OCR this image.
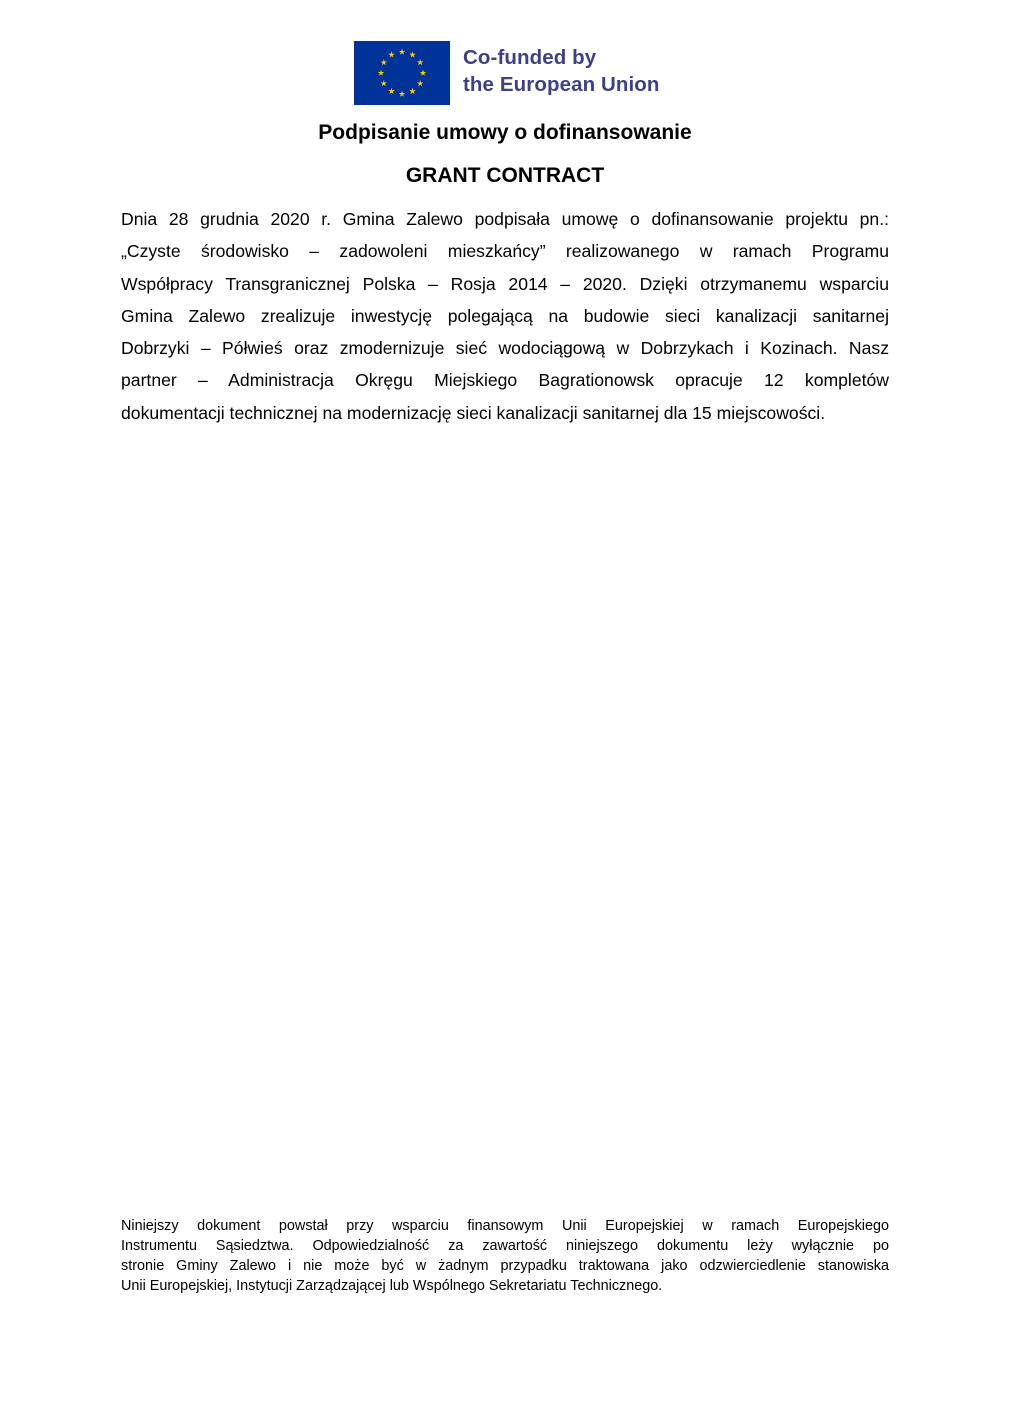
Co-funded by
the European Union
Podpisanie umowy o dofinansowanie
GRANT CONTRACT
Dnia 28 grudnia 2020 r. Gmina Zalewo podpisała umowę o dofinansowanie projektu pn.:
„Czyste środowisko – zadowoleni mieszkańcy” realizowanego w ramach Programu
Współpracy Transgranicznej Polska – Rosja 2014 – 2020. Dzięki otrzymanemu wsparciu
Gmina Zalewo zrealizuje inwestycję polegającą na budowie sieci kanalizacji sanitarnej
Dobrzyki – Półwieś oraz zmodernizuje sieć wodociągową w Dobrzykach i Kozinach. Nasz
partner – Administracja Okręgu Miejskiego Bagrationowsk opracuje 12 kompletów
dokumentacji technicznej na modernizację sieci kanalizacji sanitarnej dla 15 miejscowości.
Niniejszy dokument powstał przy wsparciu finansowym Unii Europejskiej w ramach Europejskiego
Instrumentu Sąsiedztwa. Odpowiedzialność za zawartość niniejszego dokumentu leży wyłącznie po
stronie Gminy Zalewo i nie może być w żadnym przypadku traktowana jako odzwierciedlenie stanowiska
Unii Europejskiej, Instytucji Zarządzającej lub Wspólnego Sekretariatu Technicznego.
